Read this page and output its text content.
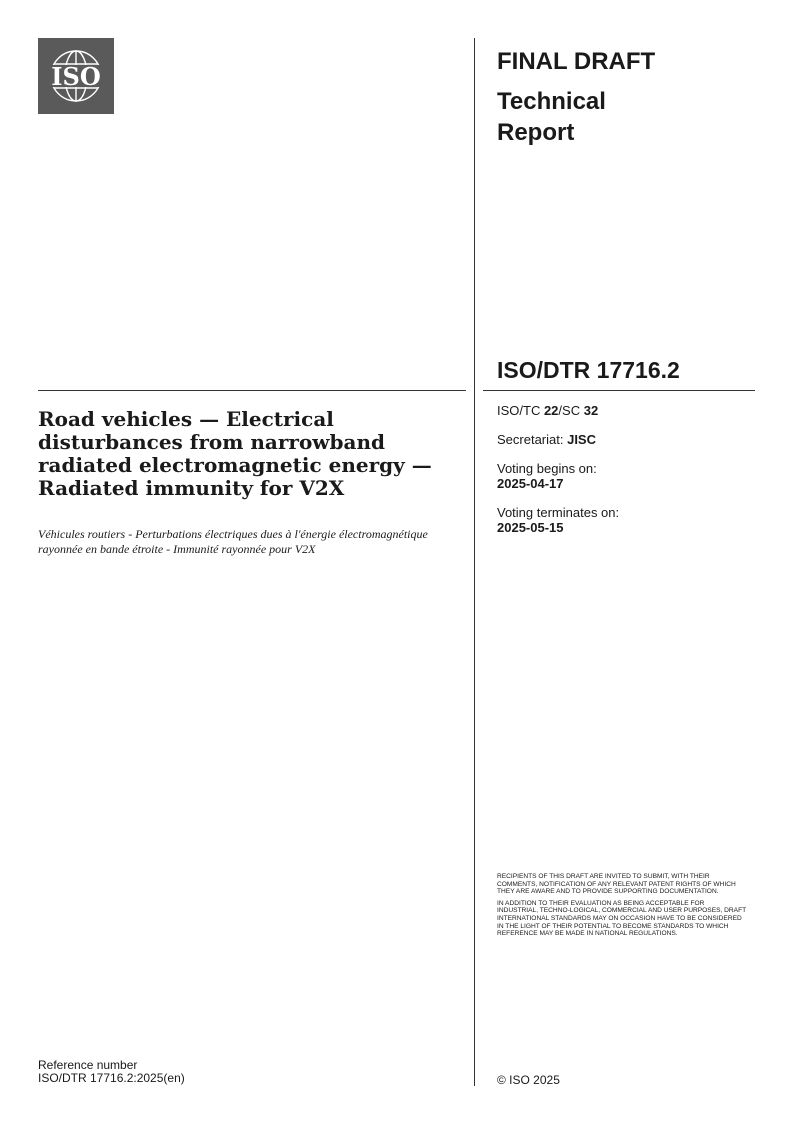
ISO
FINAL DRAFT
Technical Report
ISO/DTR 17716.2
Road vehicles — Electrical disturbances from narrowband radiated electromagnetic energy — Radiated immunity for V2X
Véhicules routiers - Perturbations électriques dues à l'énergie électromagnétique rayonnée en bande étroite - Immunité rayonnée pour V2X
ISO/TC 22/SC 32
Secretariat: JISC
Voting begins on:
2025-04-17
Voting terminates on:
2025-05-15

RECIPIENTS OF THIS DRAFT ARE INVITED TO SUBMIT, WITH THEIR COMMENTS, NOTIFICATION OF ANY RELEVANT PATENT RIGHTS OF WHICH THEY ARE AWARE AND TO PROVIDE SUPPORTING DOCUMENTATION.

IN ADDITION TO THEIR EVALUATION AS BEING ACCEPTABLE FOR INDUSTRIAL, TECHNO-LOGICAL, COMMERCIAL AND USER PURPOSES, DRAFT INTERNATIONAL STANDARDS MAY ON OCCASION HAVE TO BE CONSIDERED IN THE LIGHT OF THEIR POTENTIAL TO BECOME STANDARDS TO WHICH REFERENCE MAY BE MADE IN NATIONAL REGULATIONS.

Reference number
ISO/DTR 17716.2:2025(en)	© ISO 2025
